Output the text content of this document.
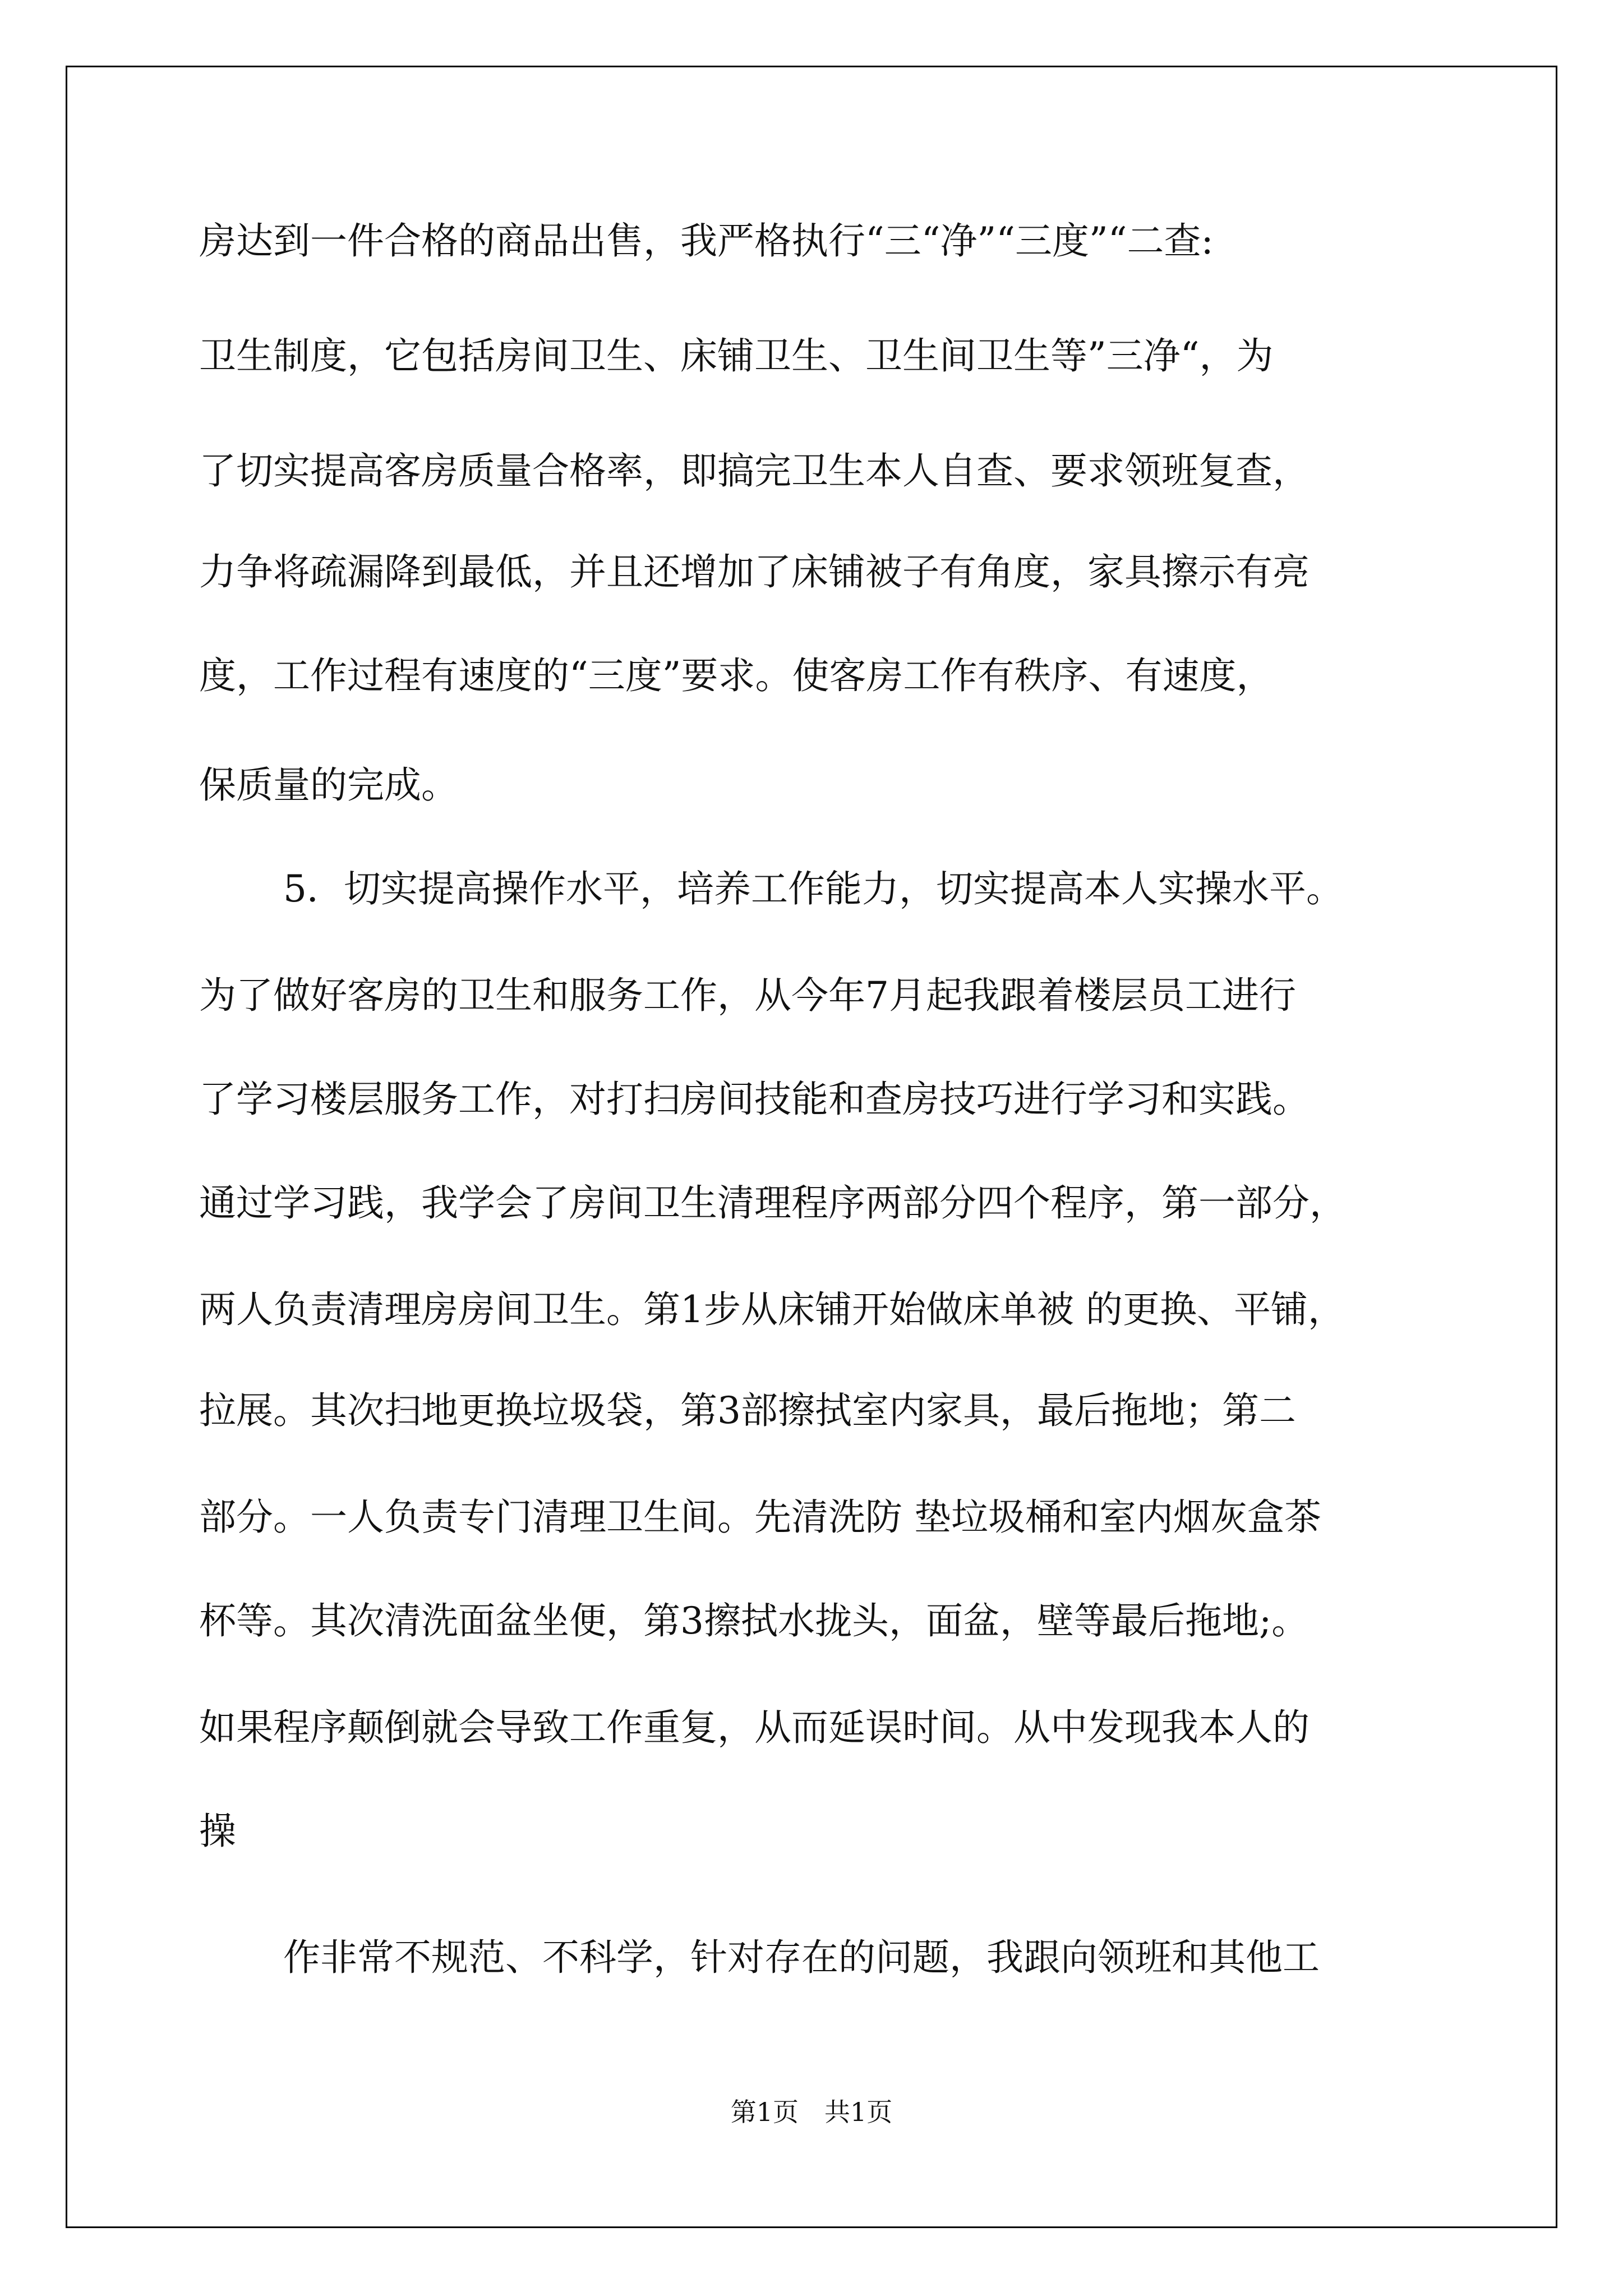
房达到一件合格的商品出售，我严格执行“三“净”“三度”“二查:
卫生制度，它包括房间卫生、床铺卫生、卫生间卫生等”三净“，为
了切实提高客房质量合格率，即搞完卫生本人自查、要求领班复查，
力争将疏漏降到最低，并且还增加了床铺被子有角度，家具擦示有亮
度，工作过程有速度的“三度”要求。使客房工作有秩序、有速度，
保质量的完成。
5．切实提高操作水平，培养工作能力，切实提高本人实操水平。
为了做好客房的卫生和服务工作，从今年7月起我跟着楼层员工进行
了学习楼层服务工作，对打扫房间技能和查房技巧进行学习和实践。
通过学习践，我学会了房间卫生清理程序两部分四个程序，第一部分，
两人负责清理房房间卫生。第1步从床铺开始做床单被 的更换、平铺，
拉展。其次扫地更换垃圾袋，第3部擦拭室内家具，最后拖地；第二
部分。一人负责专门清理卫生间。先清洗防 垫垃圾桶和室内烟灰盒茶
杯等。其次清洗面盆坐便，第3擦拭水拢头，面盆，壁等最后拖地;。
如果程序颠倒就会导致工作重复，从而延误时间。从中发现我本人的
操
作非常不规范、不科学，针对存在的问题，我跟向领班和其他工
第1页　共1页
